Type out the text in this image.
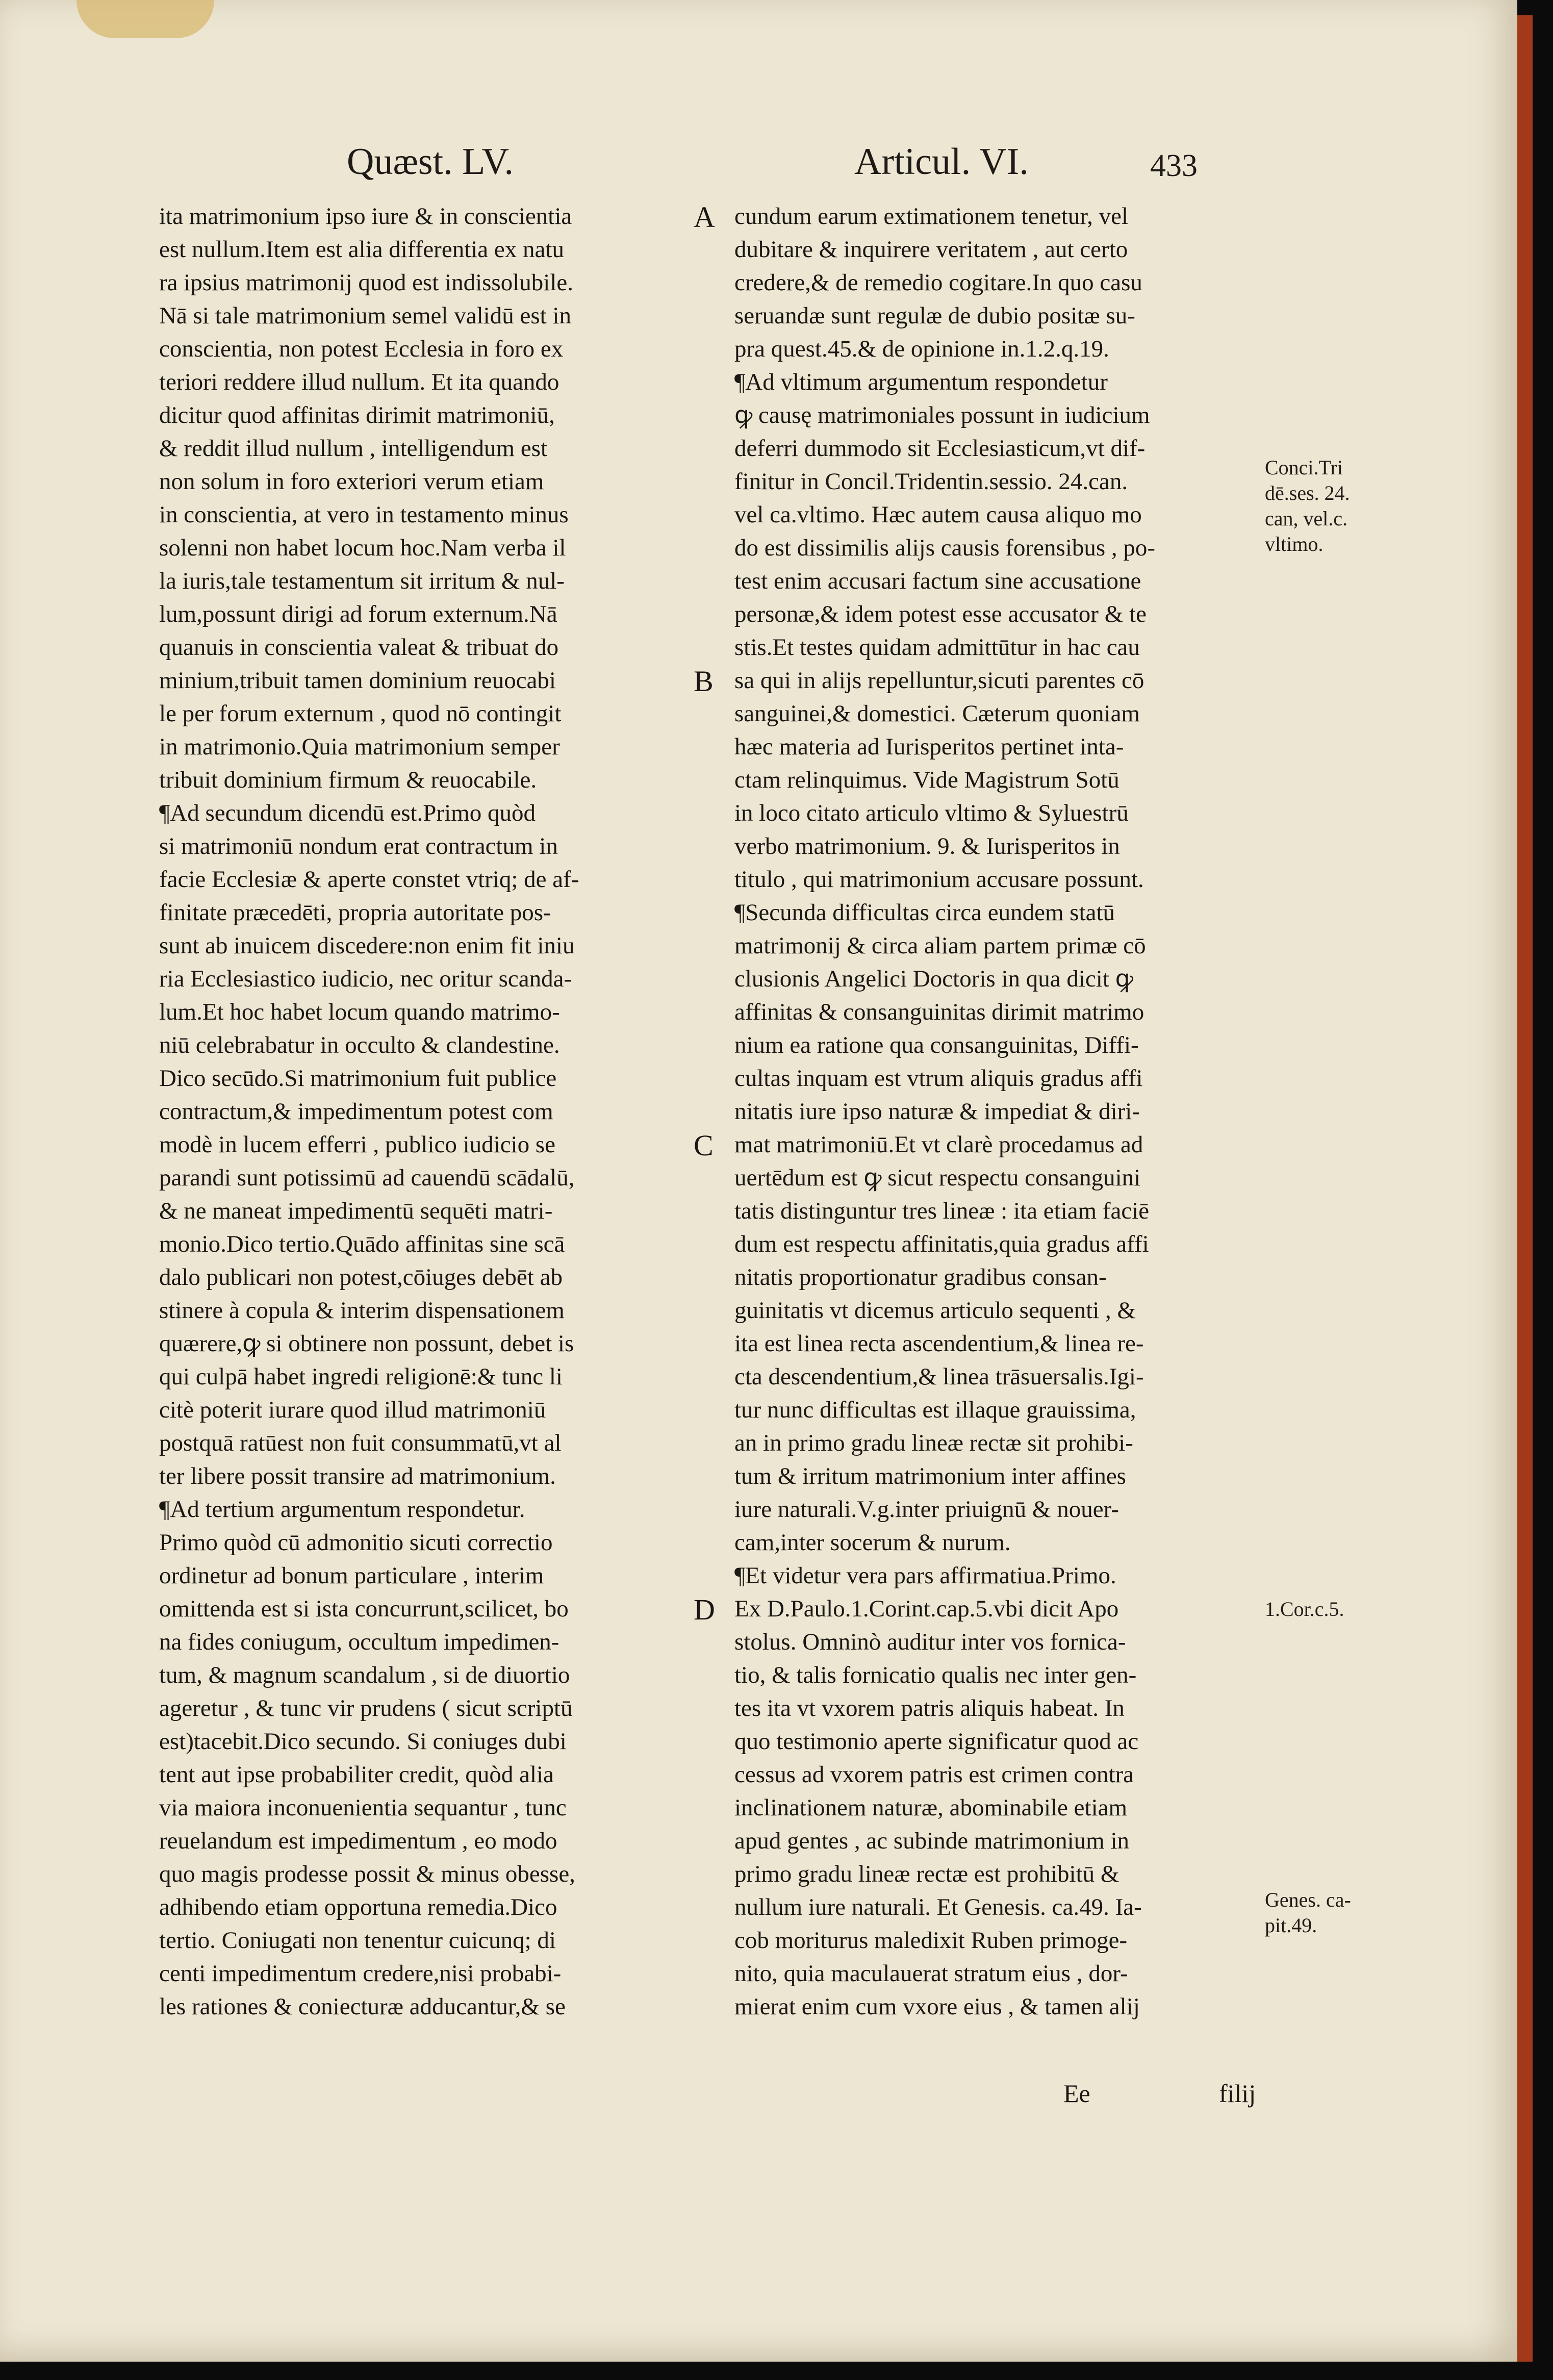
Quæst. LV.	Articul. VI.	433
ita matrimonium ipso iure & in conscientia
est nullum.Item est alia differentia ex natu
ra ipsius matrimonij quod est indissolubile.
Nā si tale matrimonium semel validū est in
conscientia, non potest Ecclesia in foro ex
teriori reddere illud nullum. Et ita quando
dicitur quod affinitas dirimit matrimoniū,
& reddit illud nullum , intelligendum est
non solum in foro exteriori verum etiam
in conscientia, at vero in testamento minus
solenni non habet locum hoc.Nam verba il
la iuris,tale testamentum sit irritum & nul-
lum,possunt dirigi ad forum externum.Nā
quanuis in conscientia valeat & tribuat do
minium,tribuit tamen dominium reuocabi
le per forum externum , quod nō contingit
in matrimonio.Quia matrimonium semper
tribuit dominium firmum & reuocabile.
¶Ad secundum dicendū est.Primo quòd
si matrimoniū nondum erat contractum in
facie Ecclesiæ & aperte constet vtriq; de af-
finitate præcedēti, propria autoritate pos-
sunt ab inuicem discedere:non enim fit iniu
ria Ecclesiastico iudicio, nec oritur scanda-
lum.Et hoc habet locum quando matrimo-
niū celebrabatur in occulto & clandestine.
Dico secūdo.Si matrimonium fuit publice
contractum,& impedimentum potest com
modè in lucem efferri , publico iudicio se
parandi sunt potissimū ad cauendū scādalū,
& ne maneat impedimentū sequēti matri-
monio.Dico tertio.Quādo affinitas sine scā
dalo publicari non potest,cōiuges debēt ab
stinere à copula & interim dispensationem
quærere,ꝙ si obtinere non possunt, debet is
qui culpā habet ingredi religionē:& tunc li
citè poterit iurare quod illud matrimoniū
postquā ratūest non fuit consummatū,vt al
ter libere possit transire ad matrimonium.
¶Ad tertium argumentum respondetur.
Primo quòd cū admonitio sicuti correctio
ordinetur ad bonum particulare , interim
omittenda est si ista concurrunt,scilicet, bo
na fides coniugum, occultum impedimen-
tum, & magnum scandalum , si de diuortio
ageretur , & tunc vir prudens ( sicut scriptū
est)tacebit.Dico secundo. Si coniuges dubi
tent aut ipse probabiliter credit, quòd alia
via maiora inconuenientia sequantur , tunc
reuelandum est impedimentum , eo modo
quo magis prodesse possit & minus obesse,
adhibendo etiam opportuna remedia.Dico
tertio. Coniugati non tenentur cuicunq; di
centi impedimentum credere,nisi probabi-
les rationes & coniecturæ adducantur,& se
cundum earum extimationem tenetur, vel
dubitare & inquirere veritatem , aut certo
credere,& de remedio cogitare.In quo casu
seruandæ sunt regulæ de dubio positæ su-
pra quest.45.& de opinione in.1.2.q.19.
¶Ad vltimum argumentum respondetur
ꝙ causę matrimoniales possunt in iudicium
deferri dummodo sit Ecclesiasticum,vt dif-
finitur in Concil.Tridentin.sessio. 24.can.
vel ca.vltimo. Hæc autem causa aliquo mo
do est dissimilis alijs causis forensibus , po-
test enim accusari factum sine accusatione
personæ,& idem potest esse accusator & te
stis.Et testes quidam admittūtur in hac cau
sa qui in alijs repelluntur,sicuti parentes cō
sanguinei,& domestici. Cæterum quoniam
hæc materia ad Iurisperitos pertinet inta-
ctam relinquimus. Vide Magistrum Sotū
in loco citato articulo vltimo & Syluestrū
verbo matrimonium. 9. & Iurisperitos in
titulo , qui matrimonium accusare possunt.
¶Secunda difficultas circa eundem statū
matrimonij & circa aliam partem primæ cō
clusionis Angelici Doctoris in qua dicit ꝙ
affinitas & consanguinitas dirimit matrimo
nium ea ratione qua consanguinitas, Diffi-
cultas inquam est vtrum aliquis gradus affi
nitatis iure ipso naturæ & impediat & diri-
mat matrimoniū.Et vt clarè procedamus ad
uertēdum est ꝙ sicut respectu consanguini
tatis distinguntur tres lineæ : ita etiam faciē
dum est respectu affinitatis,quia gradus affi
nitatis proportionatur gradibus consan-
guinitatis vt dicemus articulo sequenti , &
ita est linea recta ascendentium,& linea re-
cta descendentium,& linea trāsuersalis.Igi-
tur nunc difficultas est illaque grauissima,
an in primo gradu lineæ rectæ sit prohibi-
tum & irritum matrimonium inter affines
iure naturali.V.g.inter priuignū & nouer-
cam,inter socerum & nurum.
¶Et videtur vera pars affirmatiua.Primo.
Ex D.Paulo.1.Corint.cap.5.vbi dicit Apo
stolus. Omninò auditur inter vos fornica-
tio, & talis fornicatio qualis nec inter gen-
tes ita vt vxorem patris aliquis habeat. In
quo testimonio aperte significatur quod ac
cessus ad vxorem patris est crimen contra
inclinationem naturæ, abominabile etiam
apud gentes , ac subinde matrimonium in
primo gradu lineæ rectæ est prohibitū &
nullum iure naturali. Et Genesis. ca.49. Ia-
cob moriturus maledixit Ruben primoge-
nito, quia maculauerat stratum eius , dor-
mierat enim cum vxore eius , & tamen alij
A
B
C
D
Conci.Tri
dē.ses. 24.
can, vel.c.
vltimo.
1.Cor.c.5.
Genes. ca-
pit.49.
Ee	filij
